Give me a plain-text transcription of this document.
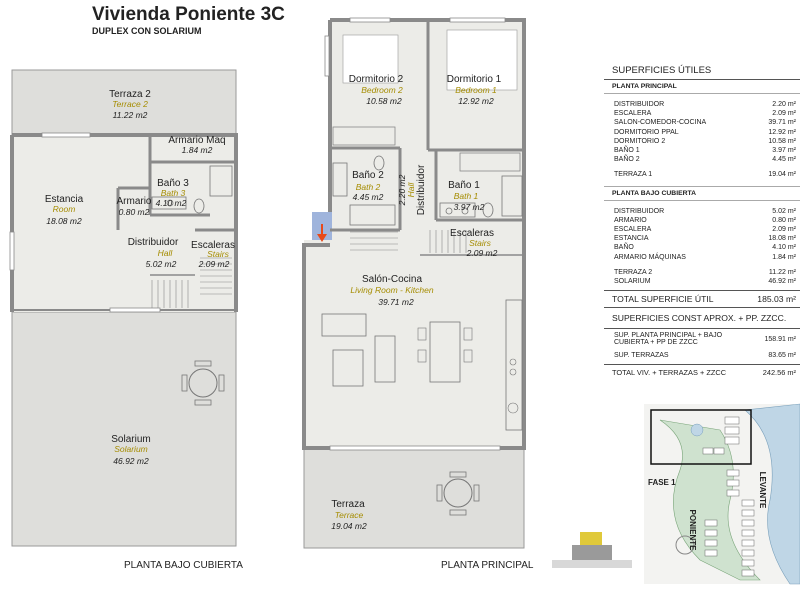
Vivienda Poniente 3C
DUPLEX CON SOLARIUM
Terraza 2
Terrace 2
11.22 m2
Armario Maq
1.84 m2
Estancia
Room
18.08 m2
Baño 3
Bath 3
4.10 m2
Armario
0.80 m2
Distribuidor
Hall
5.02 m2
Escaleras
Stairs
2.09 m2
Solarium
Solarium
46.92 m2
Dormitorio 2
Bedroom 2
10.58 m2
Dormitorio 1
Bedroom 1
12.92 m2
Baño 2
Bath 2
4.45 m2	Distribuidor
Hall
2.20 m2	Baño 1
Bath 1
3.97 m2
Escaleras
Stairs
2.09 m2
Salón-Cocina
Living Room - Kitchen
39.71 m2
Terraza
Terrace
19.04 m2
FASE 1
PONIENTE
LEVANTE
PLANTA BAJO CUBIERTA	PLANTA PRINCIPAL
SUPERFICIES ÚTILES
PLANTA PRINCIPAL
DISTRIBUIDOR	2.20 m²
ESCALERA	2.09 m²
SALON-COMEDOR-COCINA	39.71 m²
DORMITORIO PPAL	12.92 m²
DORMITORIO 2	10.58 m²
BAÑO 1	3.97 m²
BAÑO 2	4.45 m²
TERRAZA 1	19.04 m²
PLANTA BAJO CUBIERTA
DISTRIBUIDOR	5.02 m²
ARMARIO	0.80 m²
ESCALERA	2.09 m²
ESTANCIA	18.08 m²
BAÑO	4.10 m²
ARMARIO MÁQUINAS	1.84 m²
TERRAZA 2	11.22 m²
SOLARIUM	46.92 m²
TOTAL SUPERFICIE ÚTIL	185.03 m²
SUPERFICIES CONST APROX. + PP. ZZCC.
SUP. PLANTA PRINCIPAL + BAJO CUBIERTA + PP DE ZZCC	158.91 m²
SUP. TERRAZAS	83.65 m²
TOTAL VIV. + TERRAZAS + ZZCC	242.56 m²
